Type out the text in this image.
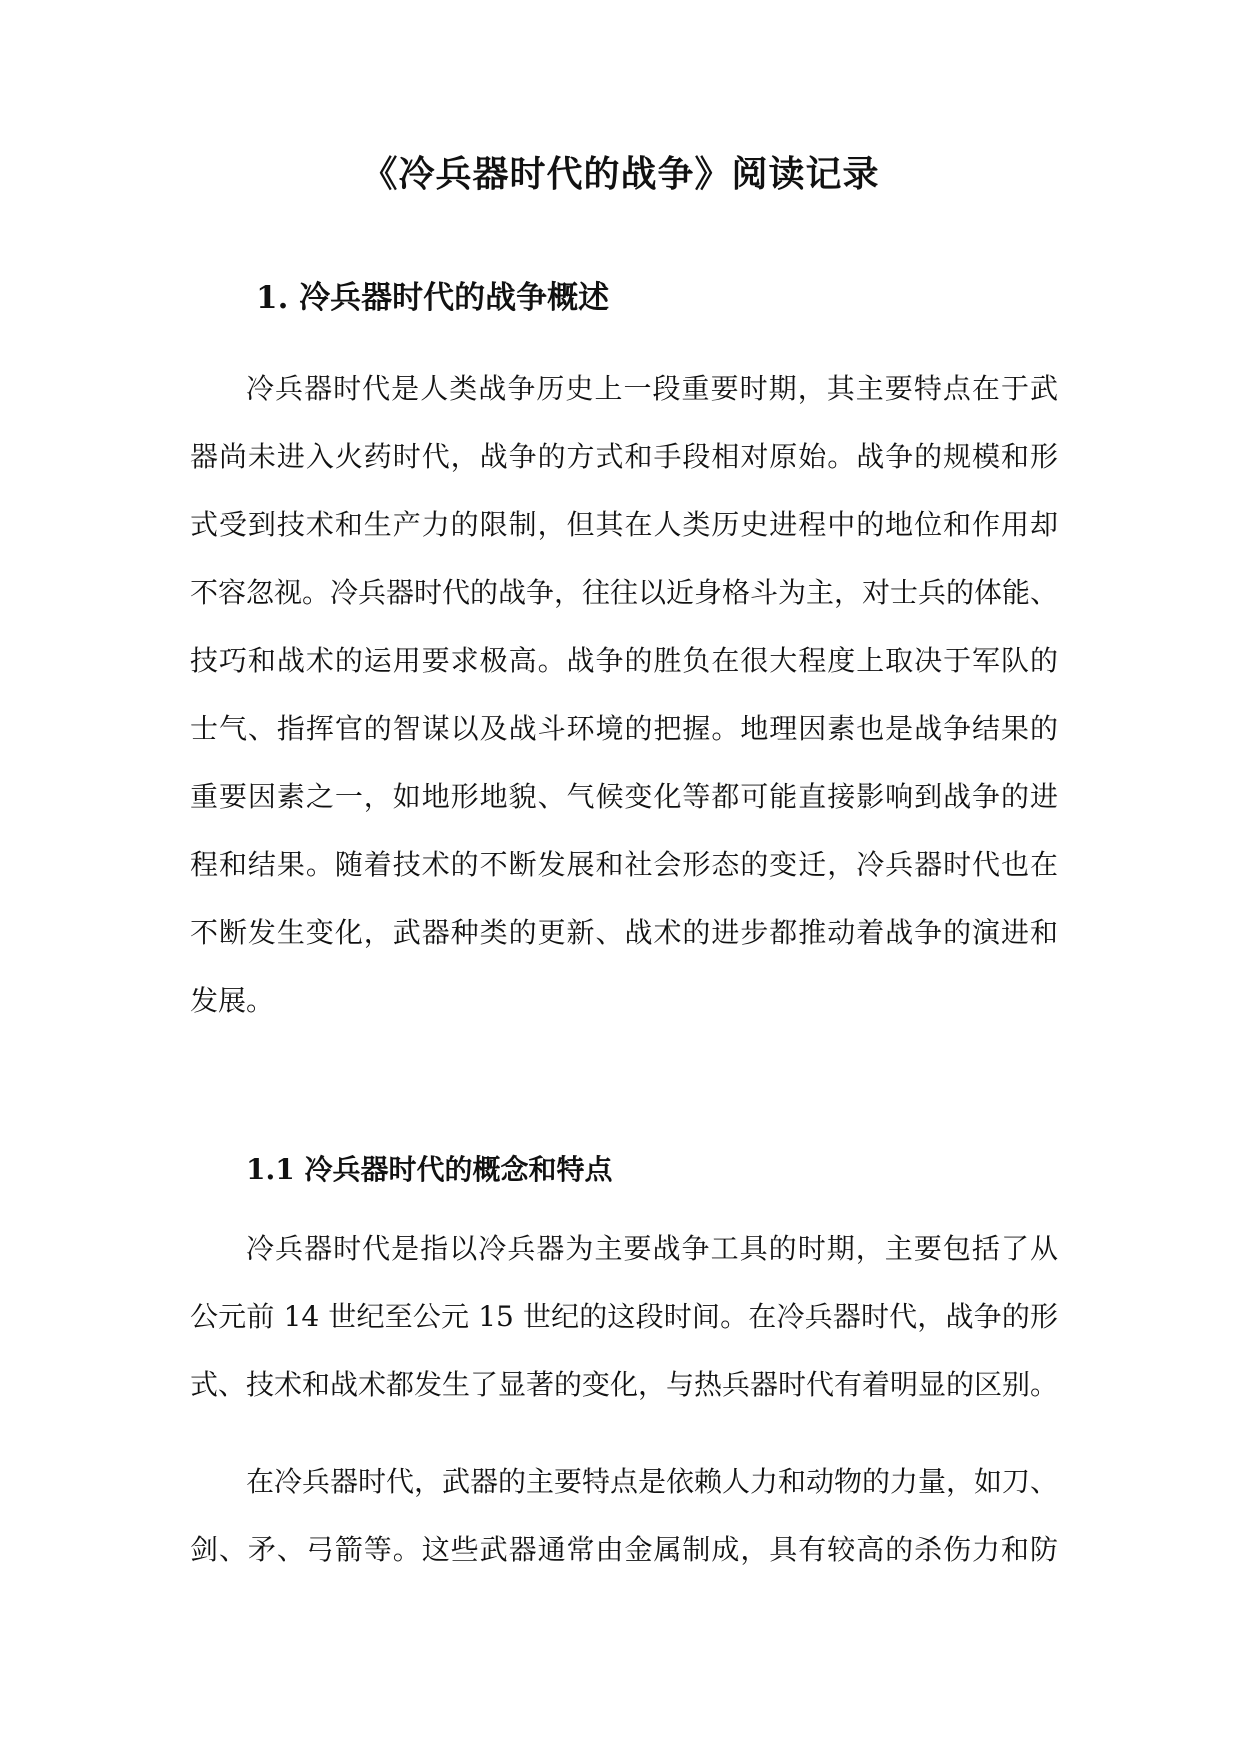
《冷兵器时代的战争》阅读记录
1. 冷兵器时代的战争概述
冷兵器时代是人类战争历史上一段重要时期，其主要特点在于武
器尚未进入火药时代，战争的方式和手段相对原始。战争的规模和形
式受到技术和生产力的限制，但其在人类历史进程中的地位和作用却
不容忽视。冷兵器时代的战争，往往以近身格斗为主，对士兵的体能、
技巧和战术的运用要求极高。战争的胜负在很大程度上取决于军队的
士气、指挥官的智谋以及战斗环境的把握。地理因素也是战争结果的
重要因素之一，如地形地貌、气候变化等都可能直接影响到战争的进
程和结果。随着技术的不断发展和社会形态的变迁，冷兵器时代也在
不断发生变化，武器种类的更新、战术的进步都推动着战争的演进和
发展。
1.1 冷兵器时代的概念和特点
冷兵器时代是指以冷兵器为主要战争工具的时期，主要包括了从
公元前 14 世纪至公元 15 世纪的这段时间。在冷兵器时代，战争的形
式、技术和战术都发生了显著的变化，与热兵器时代有着明显的区别。
在冷兵器时代，武器的主要特点是依赖人力和动物的力量，如刀、
剑、矛、弓箭等。这些武器通常由金属制成，具有较高的杀伤力和防
